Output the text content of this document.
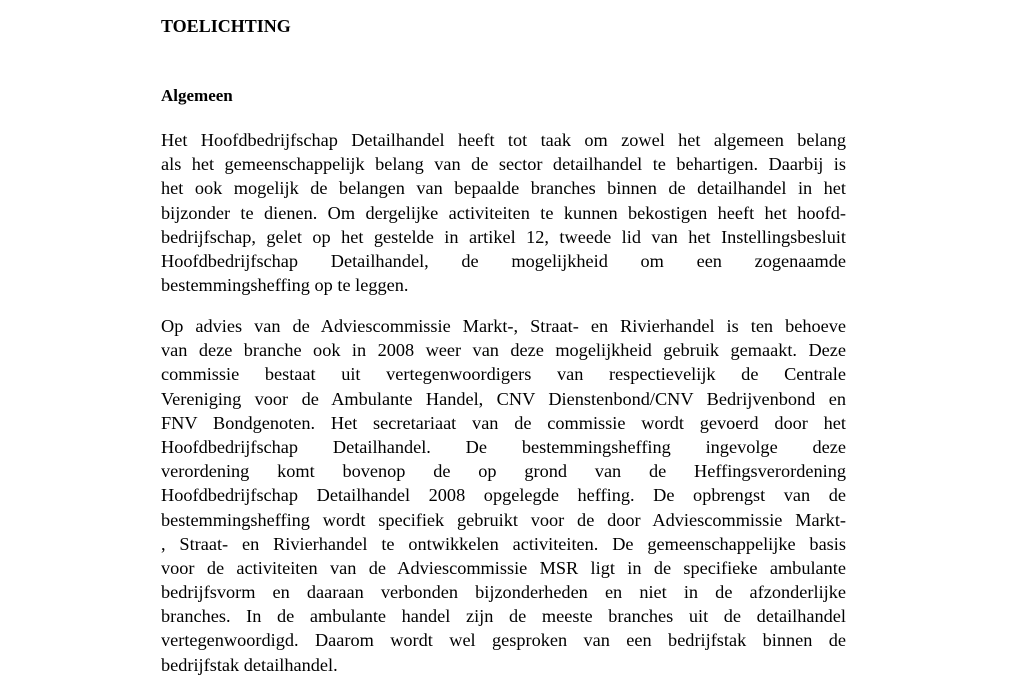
TOELICHTING
Algemeen

Het Hoofdbedrijfschap Detailhandel heeft tot taak om zowel het algemeen belang
als het gemeenschappelijk belang van de sector detailhandel te behartigen. Daarbij is
het ook mogelijk de belangen van bepaalde branches binnen de detailhandel in het
bijzonder te dienen. Om dergelijke activiteiten te kunnen bekostigen heeft het hoofd-
bedrijfschap, gelet op het gestelde in artikel 12, tweede lid van het Instellingsbesluit
Hoofdbedrijfschap Detailhandel, de mogelijkheid om een zogenaamde
bestemmingsheffing op te leggen.

Op advies van de Adviescommissie Markt-, Straat- en Rivierhandel is ten behoeve
van deze branche ook in 2008 weer van deze mogelijkheid gebruik gemaakt. Deze
commissie bestaat uit vertegenwoordigers van respectievelijk de Centrale
Vereniging voor de Ambulante Handel, CNV Dienstenbond/CNV Bedrijvenbond en
FNV Bondgenoten. Het secretariaat van de commissie wordt gevoerd door het
Hoofdbedrijfschap Detailhandel. De bestemmingsheffing ingevolge deze
verordening komt bovenop de op grond van de Heffingsverordening
Hoofdbedrijfschap Detailhandel 2008 opgelegde heffing. De opbrengst van de
bestemmingsheffing wordt specifiek gebruikt voor de door Adviescommissie Markt-
, Straat- en Rivierhandel te ontwikkelen activiteiten. De gemeenschappelijke basis
voor de activiteiten van de Adviescommissie MSR ligt in de specifieke ambulante
bedrijfsvorm en daaraan verbonden bijzonderheden en niet in de afzonderlijke
branches. In de ambulante handel zijn de meeste branches uit de detailhandel
vertegenwoordigd. Daarom wordt wel gesproken van een bedrijfstak binnen de
bedrijfstak detailhandel.
